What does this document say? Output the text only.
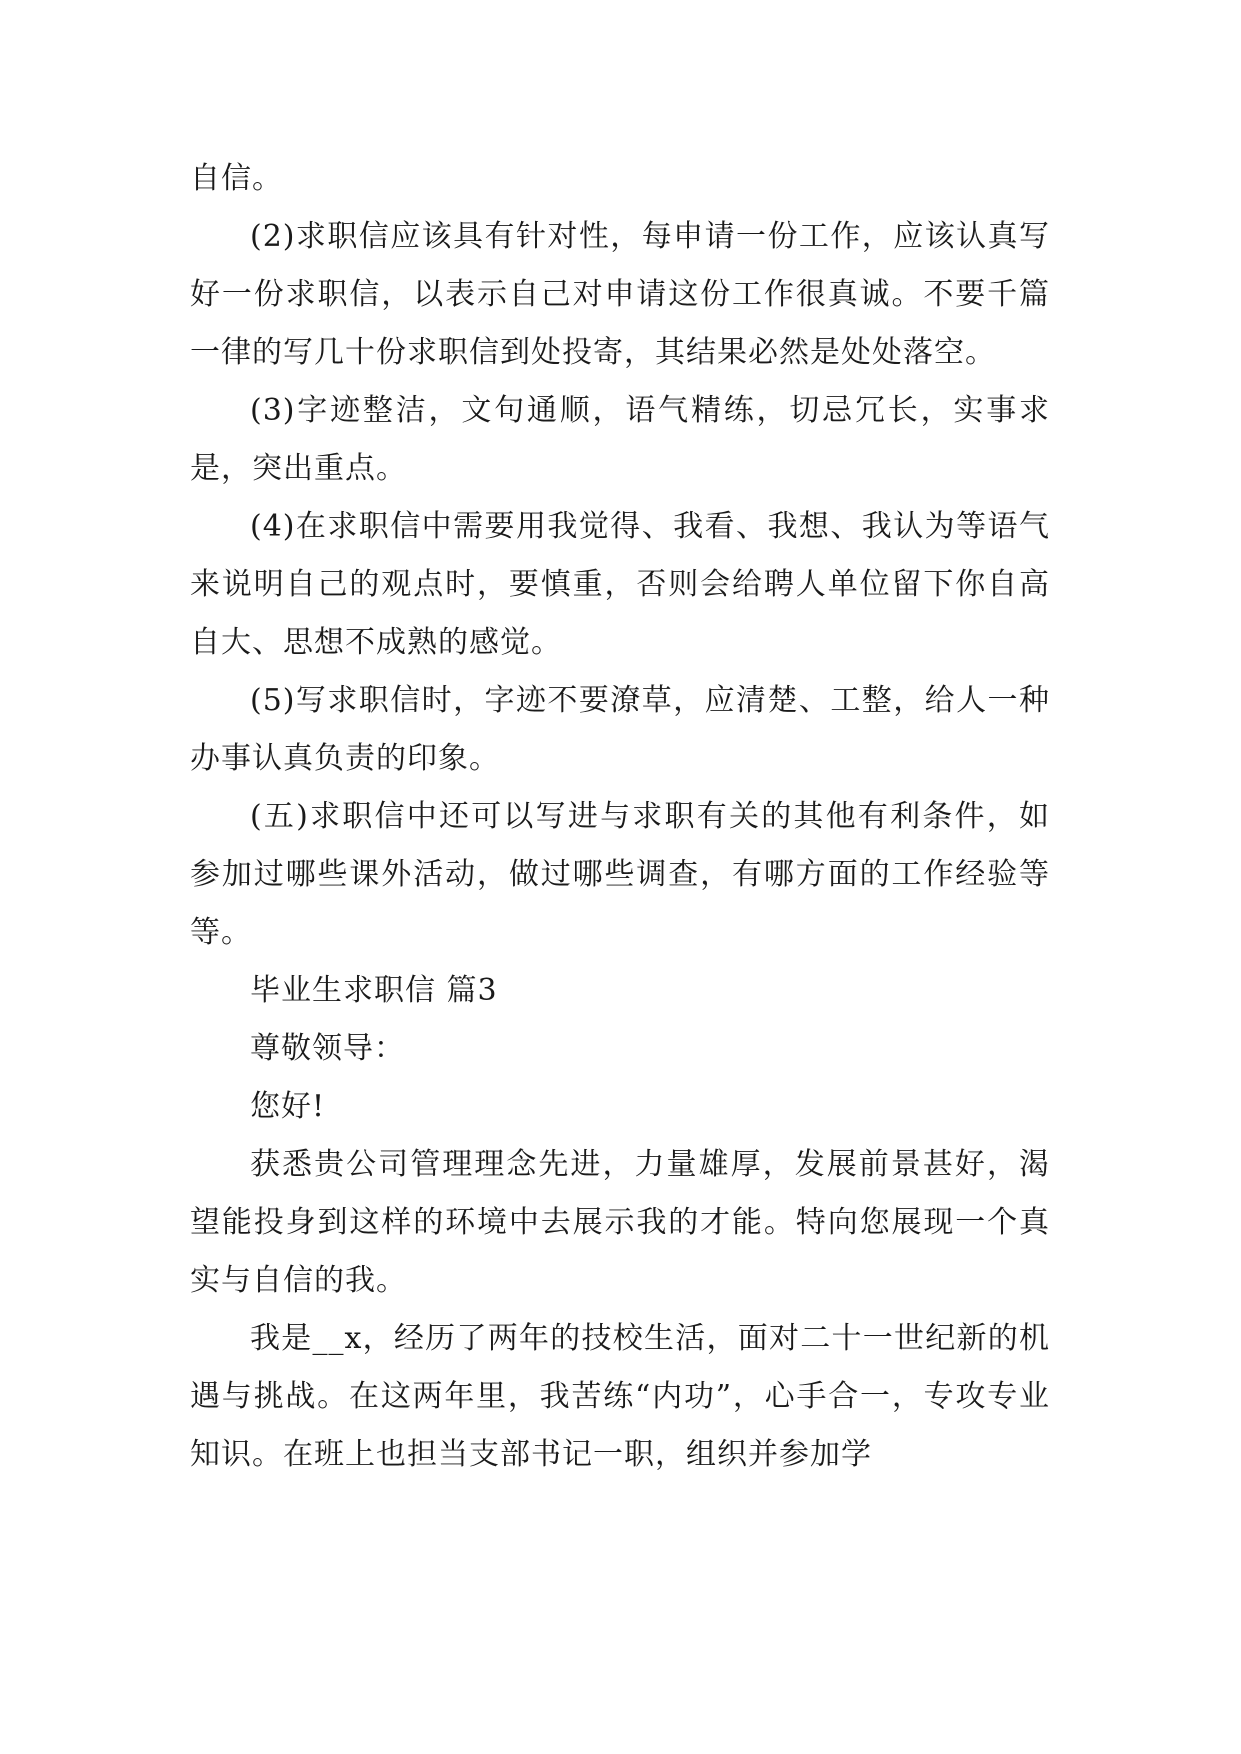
自信。

(2)求职信应该具有针对性，每申请一份工作，应该认真写好一份求职信，以表示自己对申请这份工作很真诚。不要千篇一律的写几十份求职信到处投寄，其结果必然是处处落空。

(3)字迹整洁，文句通顺，语气精练，切忌冗长，实事求是，突出重点。

(4)在求职信中需要用我觉得、我看、我想、我认为等语气来说明自己的观点时，要慎重，否则会给聘人单位留下你自高自大、思想不成熟的感觉。

(5)写求职信时，字迹不要潦草，应清楚、工整，给人一种办事认真负责的印象。

(五)求职信中还可以写进与求职有关的其他有利条件，如参加过哪些课外活动，做过哪些调查，有哪方面的工作经验等等。

毕业生求职信 篇3

尊敬领导：

您好!

获悉贵公司管理理念先进，力量雄厚，发展前景甚好，渴望能投身到这样的环境中去展示我的才能。特向您展现一个真实与自信的我。

我是__x，经历了两年的技校生活，面对二十一世纪新的机遇与挑战。在这两年里，我苦练“内功”，心手合一，专攻专业知识。在班上也担当支部书记一职，组织并参加学
